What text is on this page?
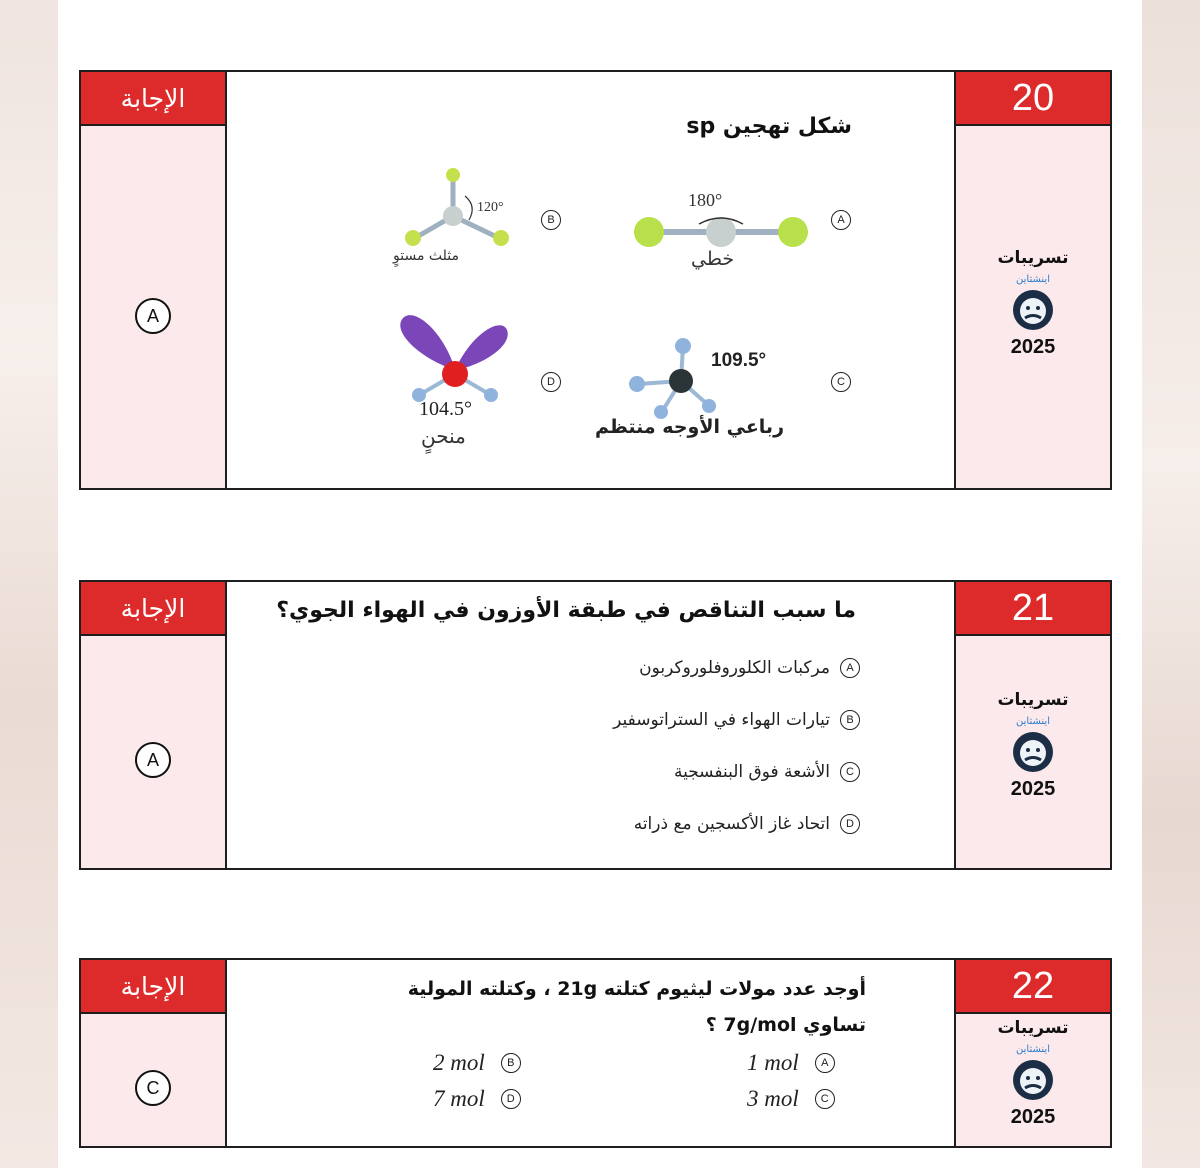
الإجابة
A
20
تسريبات
اينشتاين
2025
شكل تهجين sp
A
180°
خطي
B
120°
مثلث مستوٍ
C
109.5°
رباعي الأوجه منتظم
D
104.5°
منحنٍ
الإجابة
A
21
تسريبات
اينشتاين
2025
ما سبب التناقص في طبقة الأوزون في الهواء الجوي؟
A
مركبات الكلوروفلوروكربون
B
تيارات الهواء في الستراتوسفير
C
الأشعة فوق البنفسجية
D
اتحاد غاز الأكسجين مع ذراته
الإجابة
C
22
تسريبات
اينشتاين
2025
أوجد عدد مولات ليثيوم كتلته 21g ، وكتلته المولية
تساوي 7g/mol ؟
1 mol	A
2 mol	B
3 mol	C
7 mol	D
